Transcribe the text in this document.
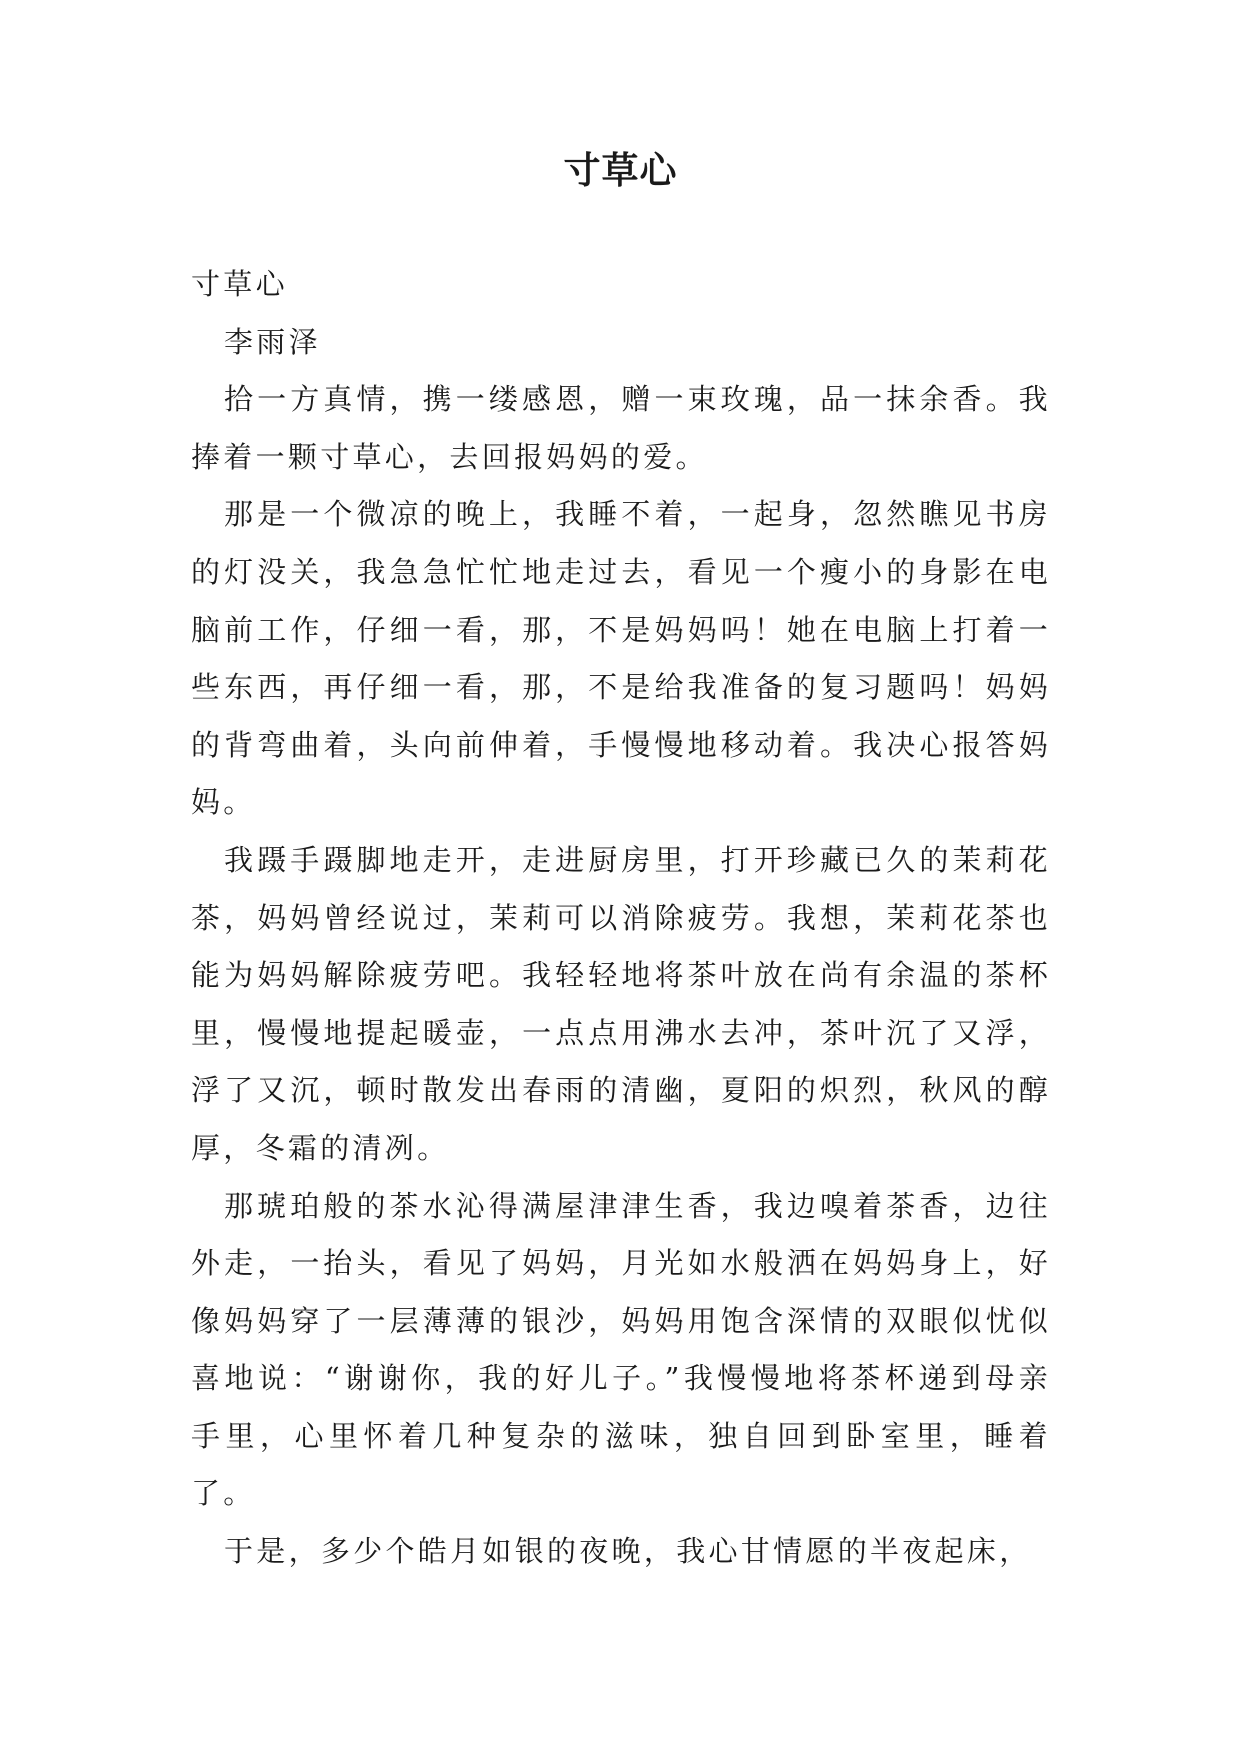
寸草心

寸草心

李雨泽

拾一方真情，携一缕感恩，赠一束玫瑰，品一抹余香。我捧着一颗寸草心，去回报妈妈的爱。

那是一个微凉的晚上，我睡不着，一起身，忽然瞧见书房的灯没关，我急急忙忙地走过去，看见一个瘦小的身影在电脑前工作，仔细一看，那，不是妈妈吗！她在电脑上打着一些东西，再仔细一看，那，不是给我准备的复习题吗！妈妈的背弯曲着，头向前伸着，手慢慢地移动着。我决心报答妈妈。

我蹑手蹑脚地走开，走进厨房里，打开珍藏已久的茉莉花茶，妈妈曾经说过，茉莉可以消除疲劳。我想，茉莉花茶也能为妈妈解除疲劳吧。我轻轻地将茶叶放在尚有余温的茶杯里，慢慢地提起暖壶，一点点用沸水去冲，茶叶沉了又浮，浮了又沉，顿时散发出春雨的清幽，夏阳的炽烈，秋风的醇厚，冬霜的清冽。

那琥珀般的茶水沁得满屋津津生香，我边嗅着茶香，边往外走，一抬头，看见了妈妈，月光如水般洒在妈妈身上，好像妈妈穿了一层薄薄的银沙，妈妈用饱含深情的双眼似忧似喜地说：“谢谢你，我的好儿子。”我慢慢地将茶杯递到母亲手里，心里怀着几种复杂的滋味，独自回到卧室里，睡着了。

于是，多少个皓月如银的夜晚，我心甘情愿的半夜起床，
